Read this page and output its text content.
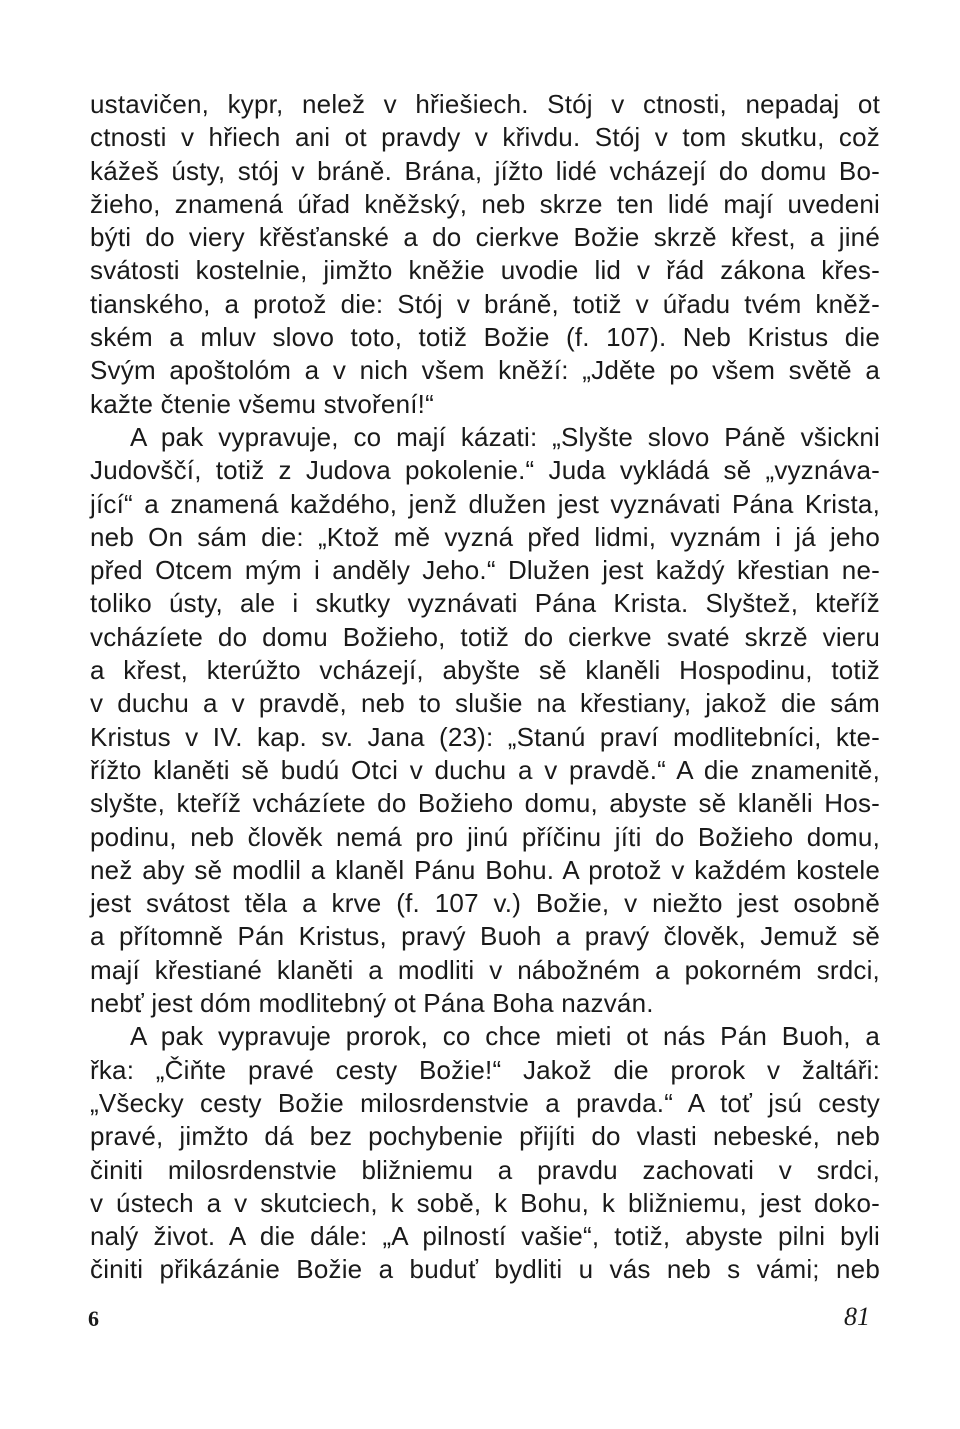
ustavičen, kypr, nelež v hřiešiech. Stój v ctnosti, nepadaj ot
ctnosti v hřiech ani ot pravdy v křivdu. Stój v tom skutku, což
kážeš ústy, stój v bráně. Brána, jížto lidé vcházejí do domu Bo-
žieho, znamená úřad kněžský, neb skrze ten lidé mají uvedeni
býti do viery křěsťanské a do cierkve Božie skrzě křest, a jiné
svátosti kostelnie, jimžto kněžie uvodie lid v řád zákona křes-
tianského, a protož die: Stój v bráně, totiž v úřadu tvém kněž-
ském a mluv slovo toto, totiž Božie (f. 107). Neb Kristus die
Svým apoštolóm a v nich všem kněží: „Jděte po všem světě a
kažte čtenie všemu stvoření!“
A pak vypravuje, co mají kázati: „Slyšte slovo Páně všickni
Judovščí, totiž z Judova pokolenie.“ Juda vykládá sě „vyznáva-
jící“ a znamená každého, jenž dlužen jest vyznávati Pána Krista,
neb On sám die: „Ktož mě vyzná před lidmi, vyznám i já jeho
před Otcem mým i anděly Jeho.“ Dlužen jest každý křestian ne-
toliko ústy, ale i skutky vyznávati Pána Krista. Slyštež, kteříž
vcházíete do domu Božieho, totiž do cierkve svaté skrzě vieru
a křest, kterúžto vcházejí, abyšte sě klaněli Hospodinu, totiž
v duchu a v pravdě, neb to slušie na křestiany, jakož die sám
Kristus v IV. kap. sv. Jana (23): „Stanú praví modlitebníci, kte-
řížto klaněti sě budú Otci v duchu a v pravdě.“ A die znamenitě,
slyšte, kteříž vcházíete do Božieho domu, abyste sě klaněli Hos-
podinu, neb člověk nemá pro jinú příčinu jíti do Božieho domu,
než aby sě modlil a klaněl Pánu Bohu. A protož v každém kostele
jest svátost těla a krve (f. 107 v.) Božie, v niežto jest osobně
a přítomně Pán Kristus, pravý Buoh a pravý člověk, Jemuž sě
mají křestiané klaněti a modliti v nábožném a pokorném srdci,
nebť jest dóm modlitebný ot Pána Boha nazván.
A pak vypravuje prorok, co chce mieti ot nás Pán Buoh, a
řka: „Čiňte pravé cesty Božie!“ Jakož die prorok v žaltáři:
„Všecky cesty Božie milosrdenstvie a pravda.“ A toť jsú cesty
pravé, jimžto dá bez pochybenie přijíti do vlasti nebeské, neb
činiti milosrdenstvie bližniemu a pravdu zachovati v srdci,
v ústech a v skutciech, k sobě, k Bohu, k bližniemu, jest doko-
nalý život. A die dále: „A pilností vašie“, totiž, abyste pilni byli
činiti přikázánie Božie a buduť bydliti u vás neb s vámi; neb
6	81
